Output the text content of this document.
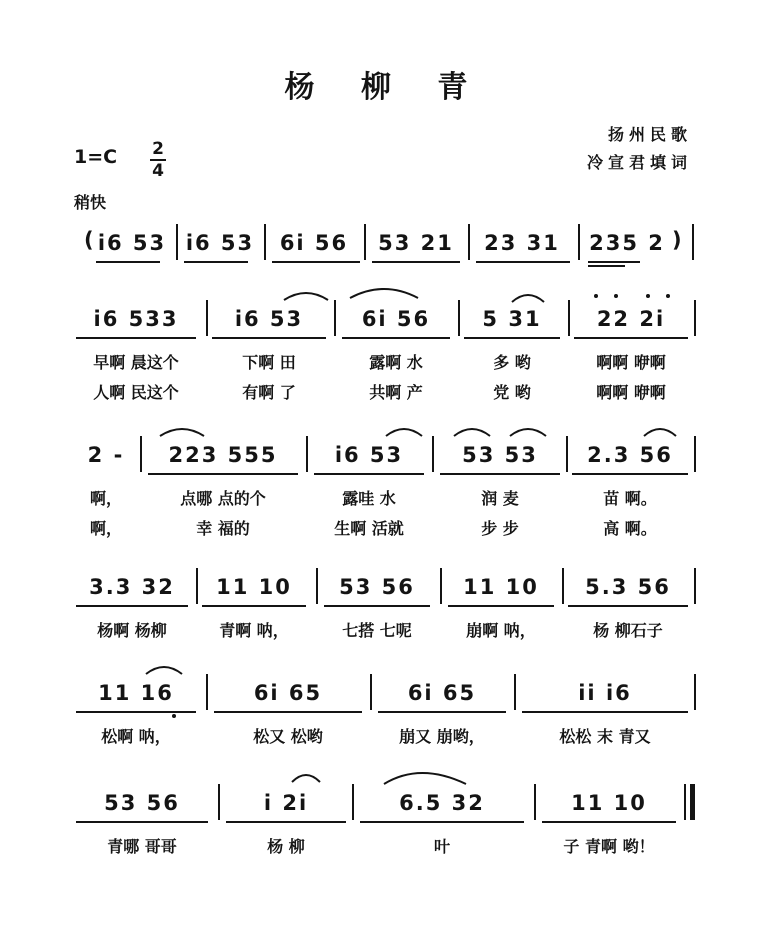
杨 柳 青
扬州民歌
冷宣君填词
1=C 2
4
稍快
( i6 53 i6 53	6i 56	53 21	23 31	235 2 )
i6 533	i6 53	6i 56	5 31	22 2i
早啊 晨这个	下啊 田	露啊 水	多 哟	啊啊 咿啊
人啊 民这个	有啊 了	共啊 产	党 哟	啊啊 咿啊
2 -	223 555	i6 53	53 53	2.3 56
啊，	点哪 点的个	露哇 水	润 麦	苗 啊。
啊，	幸 福的	生啊 活就	步 步	高 啊。
3.3 32	11 10	53 56	11 10	5.3 56
杨啊 杨柳	青啊 呐，	七搭 七呢	崩啊 呐，	杨 柳石子
11 16	6i 65	6i 65	ii i6
松啊 呐，	松又 松哟	崩又 崩哟，	松松 末 青又
53 56	i 2i	6.5 32	11 10
青哪 哥哥	杨 柳	叶	子 青啊 哟！
